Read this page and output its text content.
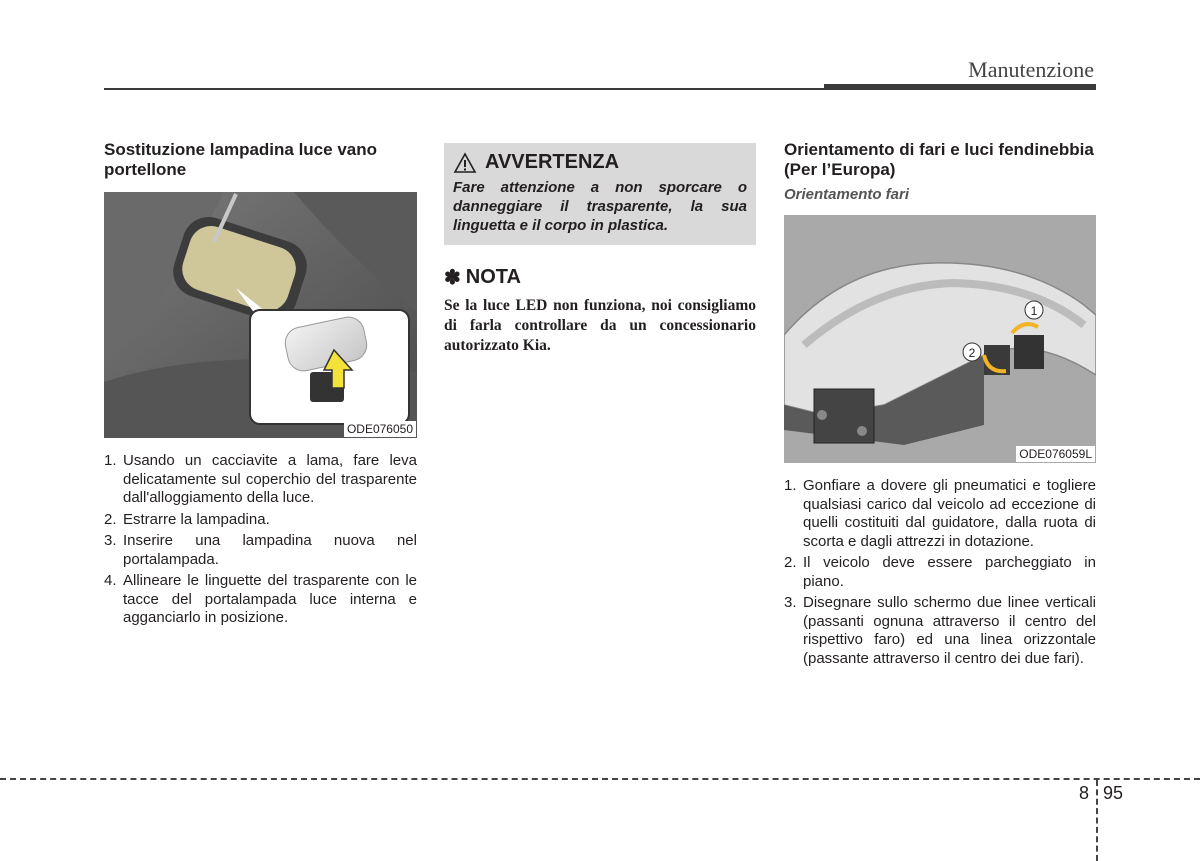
Manutenzione
Sostituzione lampadina luce vano portellone
ODE076050
1. Usando un cacciavite a lama, fare leva delicatamente sul coperchio del trasparente dall'alloggiamento della luce.
2. Estrarre la lampadina.
3. Inserire una lampadina nuova nel portalampada.
4. Allineare le linguette del trasparente con le tacce del portalampada luce interna e agganciarlo in posizione.
AVVERTENZA
Fare attenzione a non sporcare o danneggiare il trasparente, la sua linguetta e il corpo in plastica.
✽ NOTA
Se la luce LED non funziona, noi consigliamo di farla controllare da un concessionario autorizzato Kia.
Orientamento di fari e luci fendinebbia (Per l’Europa)
Orientamento fari
1
2
ODE076059L
1. Gonfiare a dovere gli pneumatici e togliere qualsiasi carico dal veicolo ad eccezione di quelli costituiti dal guidatore, dalla ruota di scorta e dagli attrezzi in dotazione.
2. Il veicolo deve essere parcheggiato in piano.
3. Disegnare sullo schermo due linee verticali (passanti ognuna attraverso il centro del rispettivo faro) ed una linea orizzontale (passante attraverso il centro dei due fari).
8 95
